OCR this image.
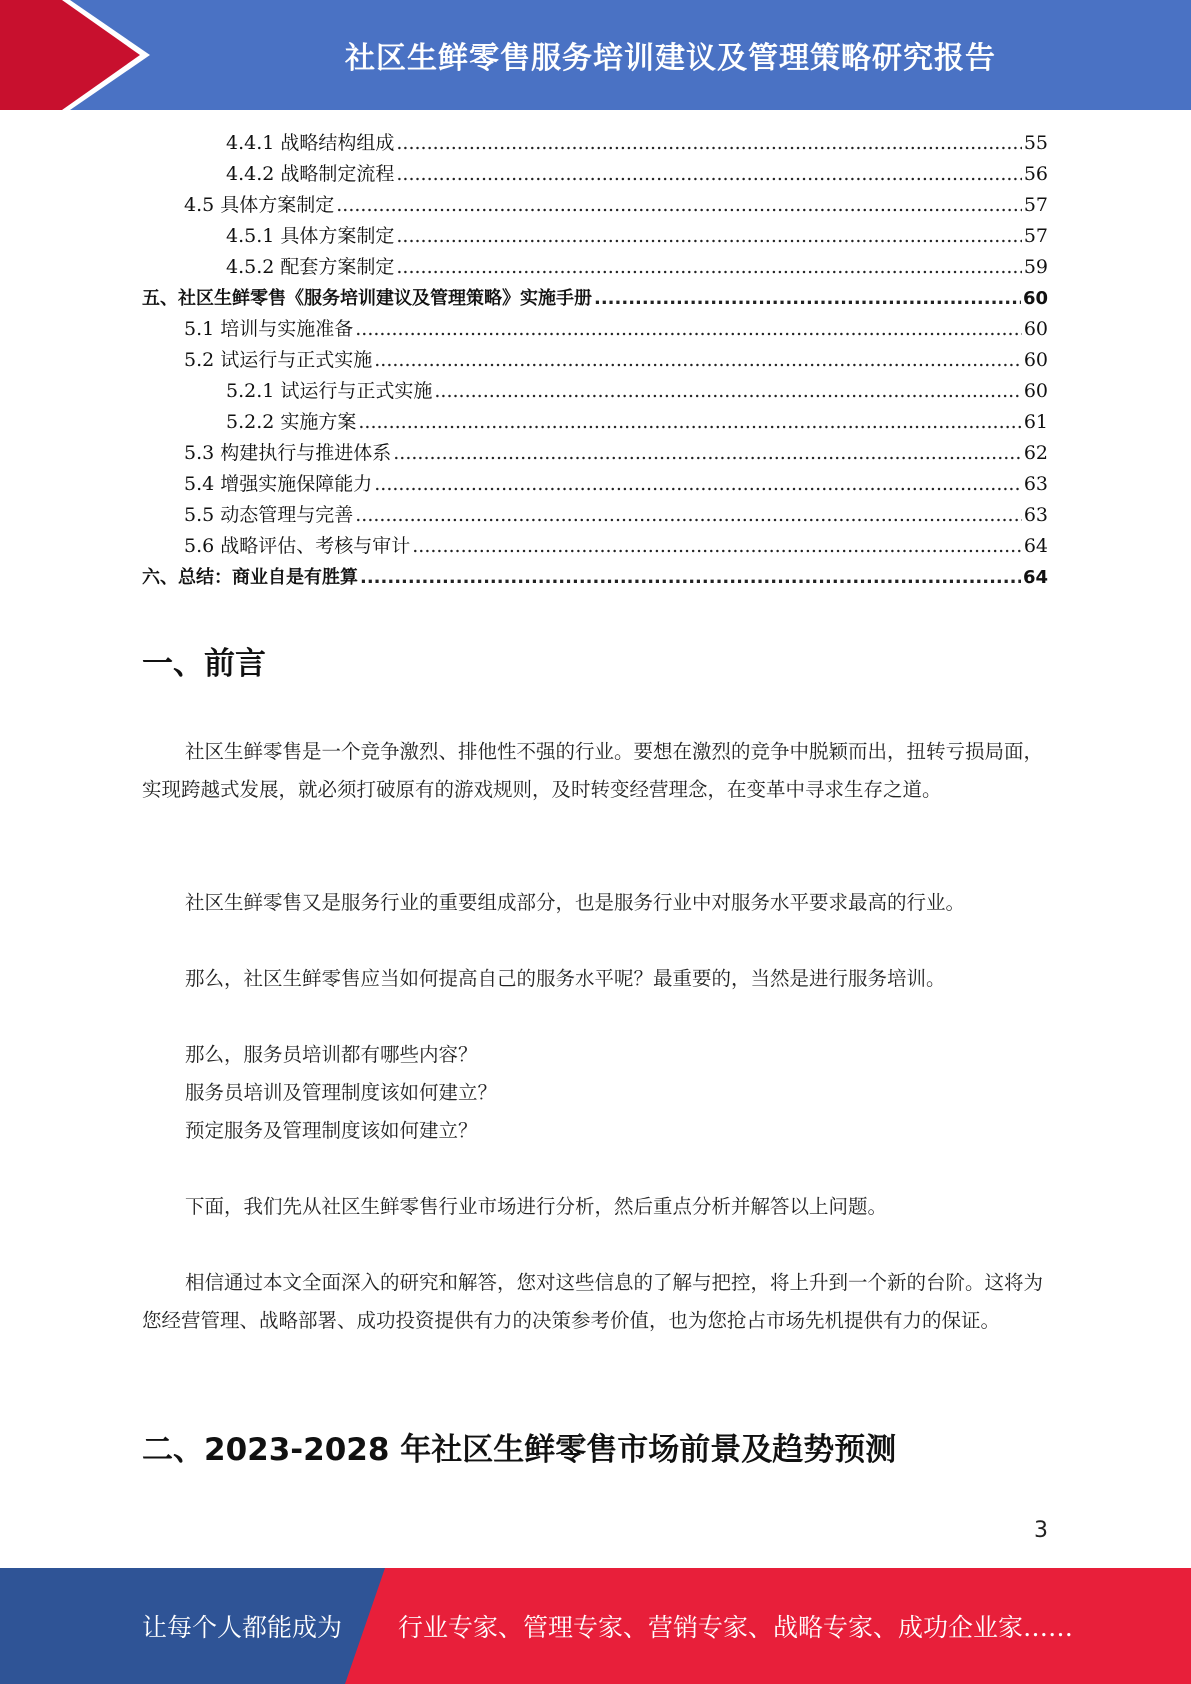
社区生鲜零售服务培训建议及管理策略研究报告
4.4.1 战略结构组成 .....	55
4.4.2 战略制定流程 .....	56
4.5 具体方案制定 .....	57
4.5.1 具体方案制定 .....	57
4.5.2 配套方案制定 .....	59
五、社区生鲜零售《服务培训建议及管理策略》实施手册 .....	60
5.1 培训与实施准备 .....	60
5.2 试运行与正式实施 .....	60
5.2.1 试运行与正式实施 .....	60
5.2.2 实施方案 .....	61
5.3 构建执行与推进体系 .....	62
5.4 增强实施保障能力 .....	63
5.5 动态管理与完善 .....	63
5.6 战略评估、考核与审计 .....	64
六、总结：商业自是有胜算 .....	64
一、前言

社区生鲜零售是一个竞争激烈、排他性不强的行业。要想在激烈的竞争中脱颖而出，扭转亏损局面，实现跨越式发展，就必须打破原有的游戏规则，及时转变经营理念，在变革中寻求生存之道。

社区生鲜零售又是服务行业的重要组成部分，也是服务行业中对服务水平要求最高的行业。

那么，社区生鲜零售应当如何提高自己的服务水平呢？最重要的，当然是进行服务培训。

那么，服务员培训都有哪些内容？

服务员培训及管理制度该如何建立？

预定服务及管理制度该如何建立？

下面，我们先从社区生鲜零售行业市场进行分析，然后重点分析并解答以上问题。

相信通过本文全面深入的研究和解答，您对这些信息的了解与把控，将上升到一个新的台阶。这将为您经营管理、战略部署、成功投资提供有力的决策参考价值，也为您抢占市场先机提供有力的保证。

二、2023-2028 年社区生鲜零售市场前景及趋势预测
3
让每个人都能成为 行业专家、管理专家、营销专家、战略专家、成功企业家……
